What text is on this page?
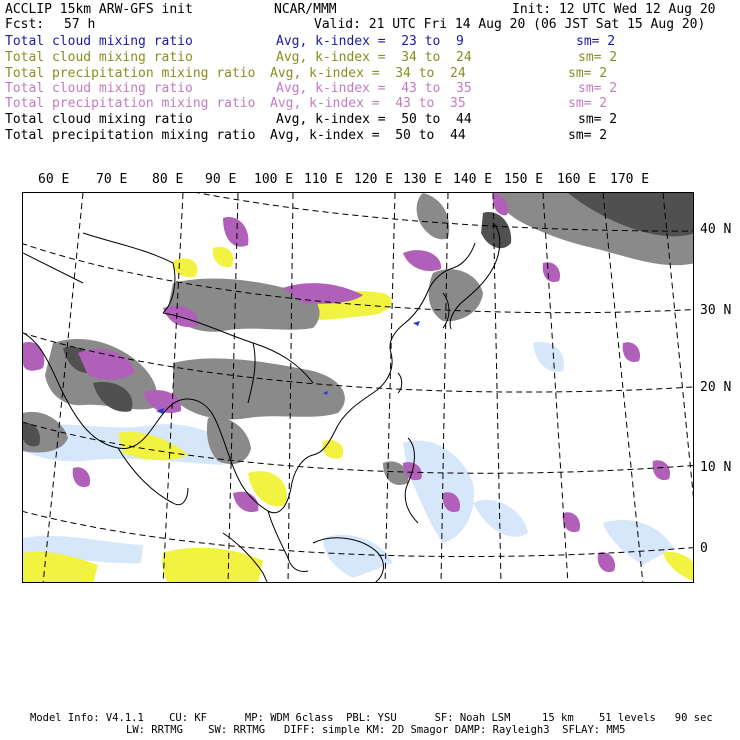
ACCLIP 15km ARW-GFS init	NCAR/MMM	Init: 12 UTC Wed 12 Aug 20
Fcst: 57 h	Valid: 21 UTC Fri 14 Aug 20 (06 JST Sat 15 Aug 20)
Total cloud mixing ratio	Avg, k-index =  23 to  9	sm= 2
Total cloud mixing ratio	Avg, k-index =  34 to  24	sm= 2
Total precipitation mixing ratio Avg, k-index =  34 to  24	sm= 2
Total cloud mixing ratio	Avg, k-index =  43 to  35	sm= 2
Total precipitation mixing ratio Avg, k-index =  43 to  35	sm= 2
Total cloud mixing ratio	Avg, k-index =  50 to  44	sm= 2
Total precipitation mixing ratio Avg, k-index =  50 to  44	sm= 2
60 E 70 E 80 E 90 E 100 E 110 E 120 E 130 E 140 E 150 E 160 E 170 E
40 N
30 N
20 N
10 N
0
Model Info: V4.1.1    CU: KF      MP: WDM 6class  PBL: YSU      SF: Noah LSM     15 km    51 levels   90 sec
LW: RRTMG    SW: RRTMG   DIFF: simple KM: 2D Smagor DAMP: Rayleigh3  SFLAY: MM5
